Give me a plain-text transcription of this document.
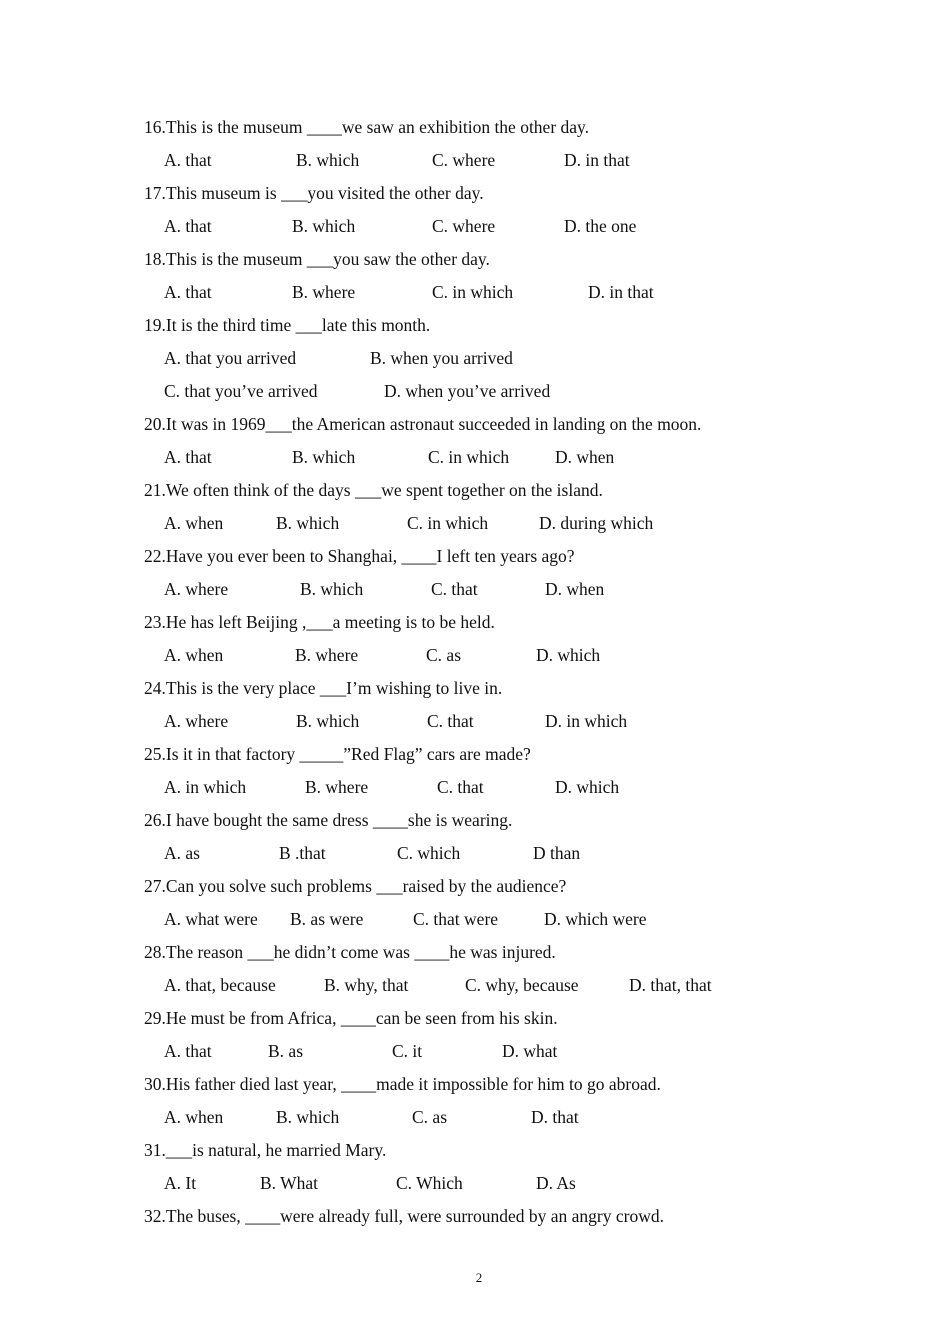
16.This is the museum ____we saw an exhibition the other day.
A. that	B. which	C. where	D. in that
17.This museum is ___you visited the other day.
A. that	B. which	C. where	D. the one
18.This is the museum ___you saw the other day.
A. that	B. where	C. in which	D. in that
19.It is the third time ___late this month.
A. that you arrived	B. when you arrived
C. that you’ve arrived	D. when you’ve arrived
20.It was in 1969___the American astronaut succeeded in landing on the moon.
A. that	B. which	C. in which	D. when
21.We often think of the days ___we spent together on the island.
A. when	B. which	C. in which	D. during which
22.Have you ever been to Shanghai, ____I left ten years ago?
A. where	B. which	C. that	D. when
23.He has left Beijing ,___a meeting is to be held.
A. when	B. where	C. as	D. which
24.This is the very place ___I’m wishing to live in.
A. where	B. which	C. that	D. in which
25.Is it in that factory _____”Red Flag” cars are made?
A. in which	B. where	C. that	D. which
26.I have bought the same dress ____she is wearing.
A. as	B .that	C. which	D than
27.Can you solve such problems ___raised by the audience?
A. what were B. as were	C. that were	D. which were
28.The reason ___he didn’t come was ____he was injured.
A. that, because	B. why, that	C. why, because	D. that, that
29.He must be from Africa, ____can be seen from his skin.
A. that	B. as	C. it	D. what
30.His father died last year, ____made it impossible for him to go abroad.
A. when	B. which	C. as	D. that
31.___is natural, he married Mary.
A. It	B. What	C. Which	D. As
32.The buses, ____were already full, were surrounded by an angry crowd.
2
